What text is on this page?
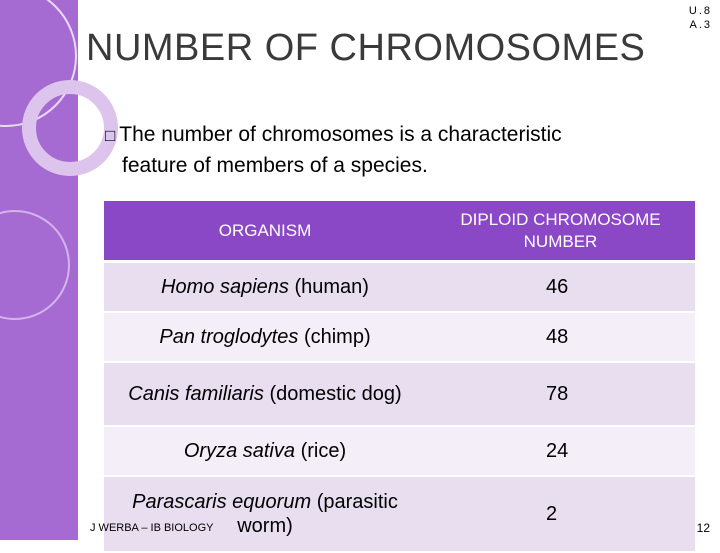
U.8
A.3
NUMBER OF CHROMOSOMES
□ The number of chromosomes is a characteristic
feature of members of a species.
ORGANISM	DIPLOID CHROMOSOME NUMBER
Homo sapiens (human)	46
Pan troglodytes (chimp)	48
Canis familiaris (domestic dog)	78
Oryza sativa (rice)	24
Parascaris equorum (parasitic worm)	2
J WERBA – IB BIOLOGY	12
